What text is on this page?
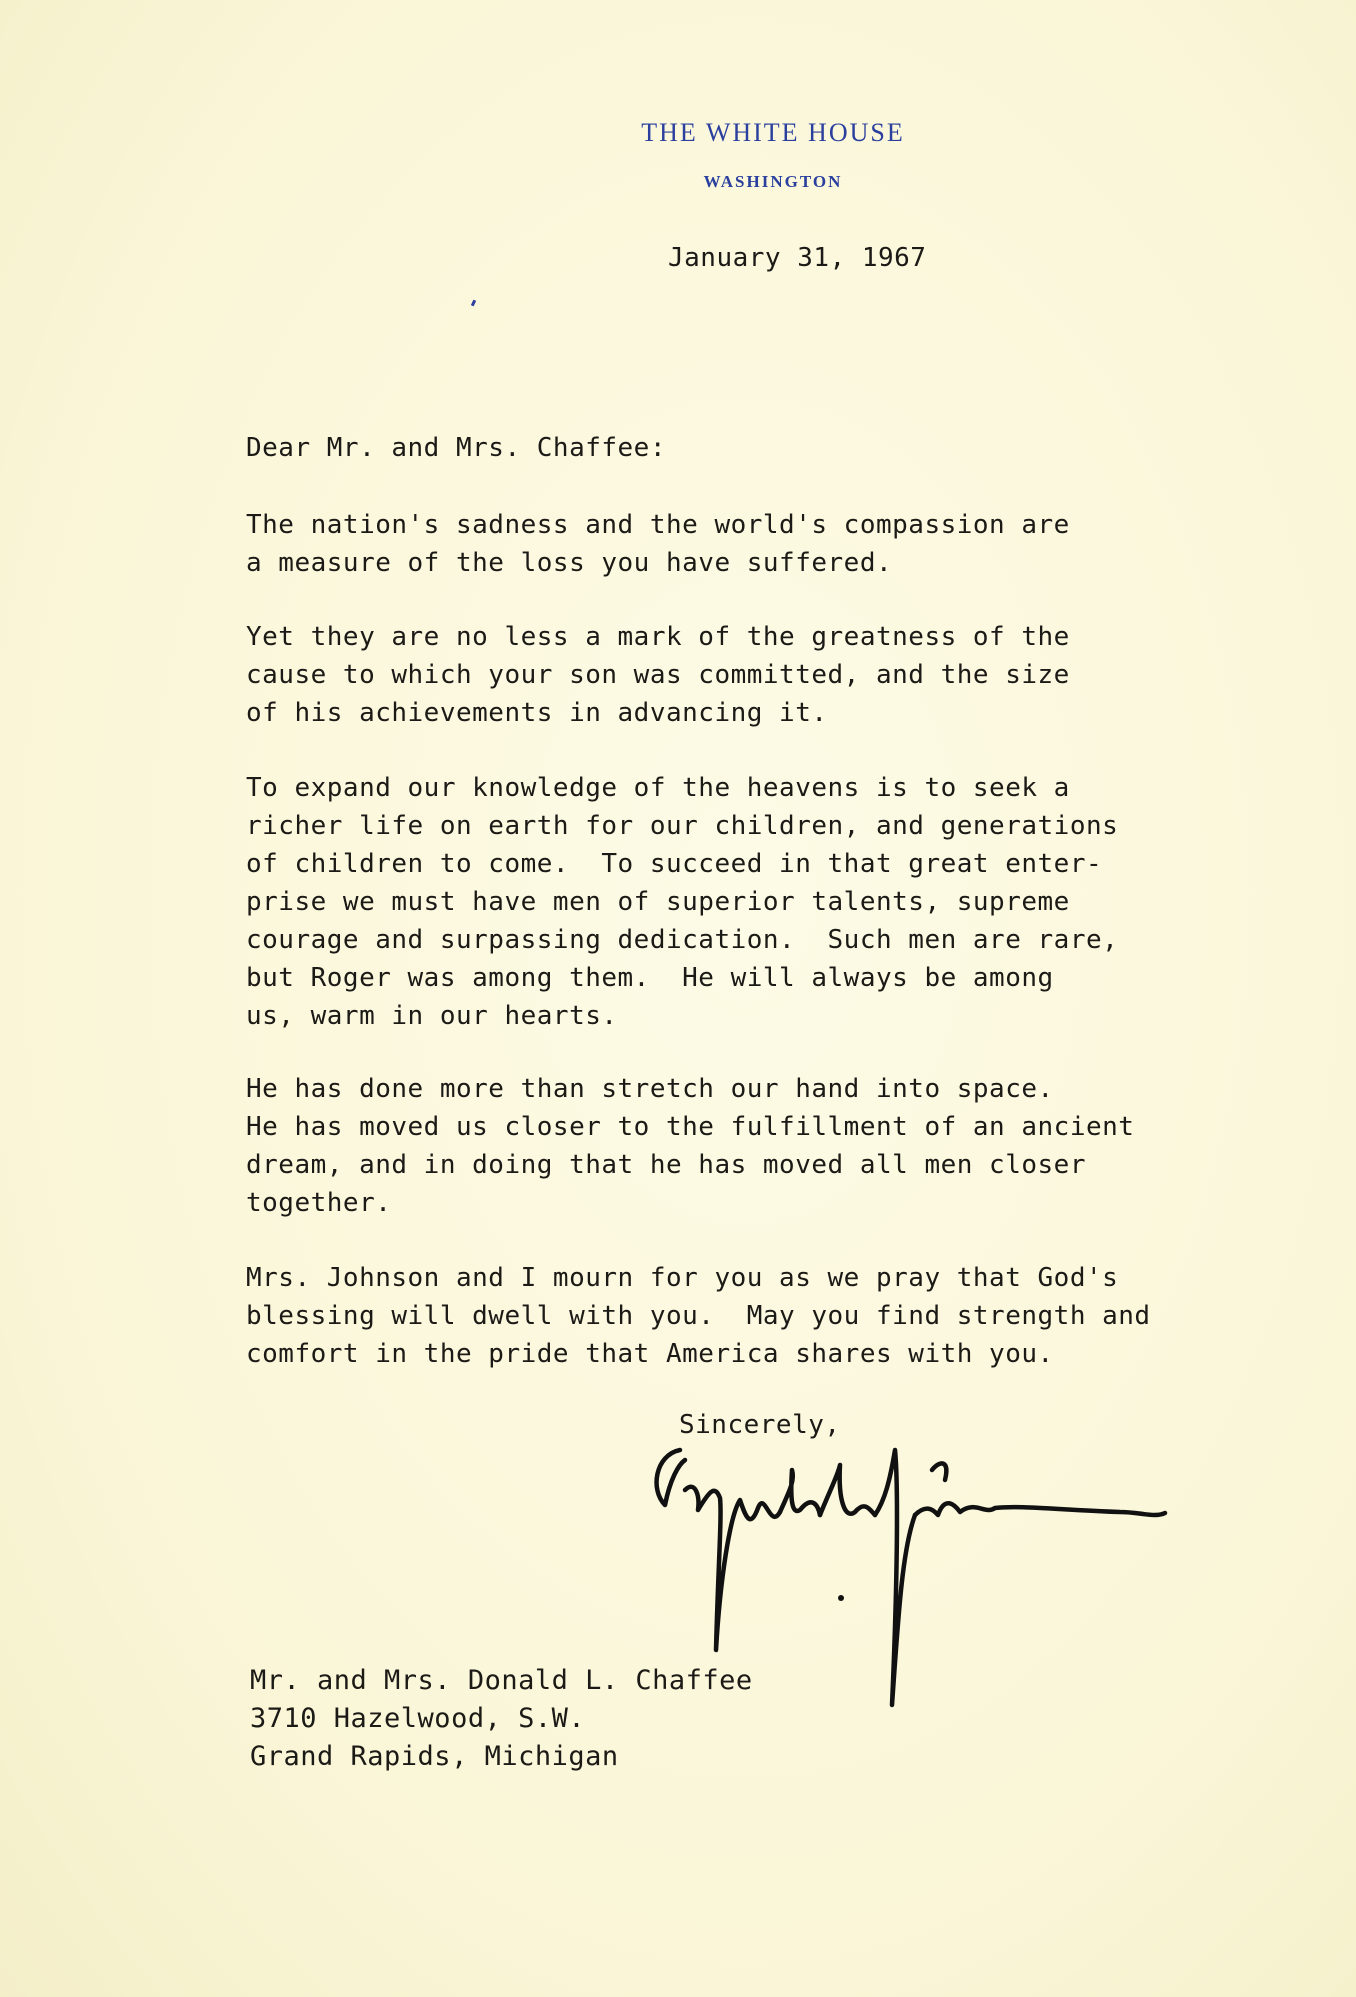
THE WHITE HOUSE
WASHINGTON

January 31, 1967

Dear Mr. and Mrs. Chaffee:

The nation's sadness and the world's compassion are
a measure of the loss you have suffered.

Yet they are no less a mark of the greatness of the
cause to which your son was committed, and the size
of his achievements in advancing it.

To expand our knowledge of the heavens is to seek a
richer life on earth for our children, and generations
of children to come.  To succeed in that great enter-
prise we must have men of superior talents, supreme
courage and surpassing dedication.  Such men are rare,
but Roger was among them.  He will always be among
us, warm in our hearts.

He has done more than stretch our hand into space.
He has moved us closer to the fulfillment of an ancient
dream, and in doing that he has moved all men closer
together.

Mrs. Johnson and I mourn for you as we pray that God's
blessing will dwell with you.  May you find strength and
comfort in the pride that America shares with you.

Sincerely,

Mr. and Mrs. Donald L. Chaffee
3710 Hazelwood, S.W.
Grand Rapids, Michigan
